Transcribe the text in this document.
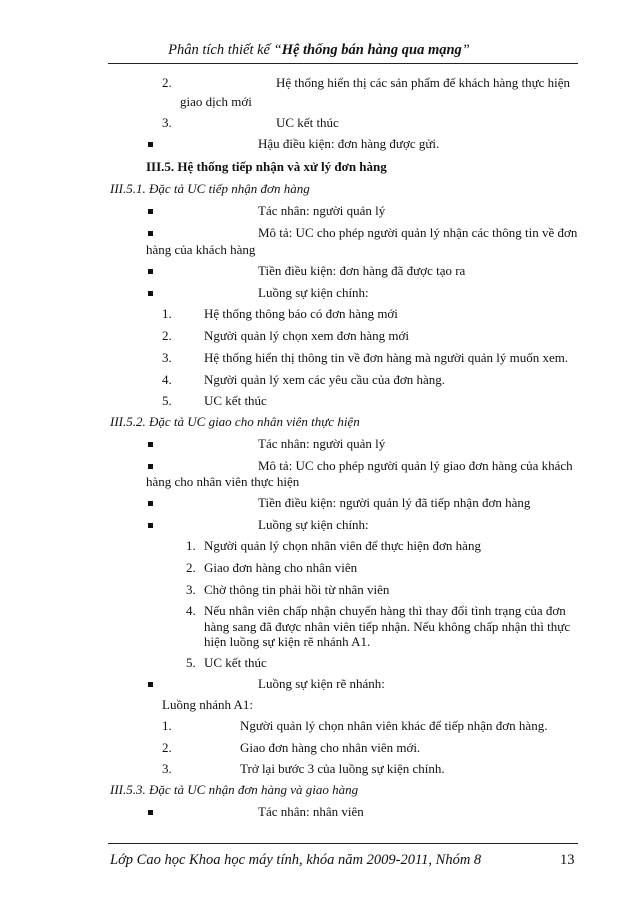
Phân tích thiết kế “Hệ thống bán hàng qua mạng”
2.	Hệ thống hiển thị các sản phẩm để khách hàng thực hiện
giao dịch mới
3.	UC kết thúc
Hậu điều kiện: đơn hàng được gửi.
III.5. Hệ thống tiếp nhận và xử lý đơn hàng
III.5.1. Đặc tả UC tiếp nhận đơn hàng
Tác nhân: người quản lý
Mô tả: UC cho phép người quản lý nhận các thông tin về đơn
hàng của khách hàng
Tiền điều kiện: đơn hàng đã được tạo ra
Luồng sự kiện chính:
1. Hệ thống thông báo có đơn hàng mới
2. Người quản lý chọn xem đơn hàng mới
3. Hệ thống hiển thị thông tin về đơn hàng mà người quản lý muốn xem.
4. Người quản lý xem các yêu cầu của đơn hàng.
5. UC kết thúc
III.5.2. Đặc tả UC giao cho nhân viên thực hiện
Tác nhân: người quản lý
Mô tả: UC cho phép người quản lý giao đơn hàng của khách
hàng cho nhân viên thực hiện
Tiền điều kiện: người quản lý đã tiếp nhận đơn hàng
Luồng sự kiện chính:
1. Người quản lý chọn nhân viên để thực hiện đơn hàng
2. Giao đơn hàng cho nhân viên
3. Chờ thông tin phải hồi từ nhân viên
4. Nếu nhân viên chấp nhận chuyển hàng thì thay đổi tình trạng của đơn
hàng sang đã được nhân viên tiếp nhận. Nếu không chấp nhận thì thực
hiện luồng sự kiện rẽ nhánh A1.
5. UC kết thúc
Luồng sự kiện rẽ nhánh:
Luồng nhánh A1:
1.	Người quản lý chọn nhân viên khác để tiếp nhận đơn hàng.
2.	Giao đơn hàng cho nhân viên mới.
3.	Trở lại bước 3 của luồng sự kiện chính.
III.5.3. Đặc tả UC nhận đơn hàng và giao hàng
Tác nhân: nhân viên
Lớp Cao học Khoa học máy tính, khóa năm 2009-2011, Nhóm 8	13
